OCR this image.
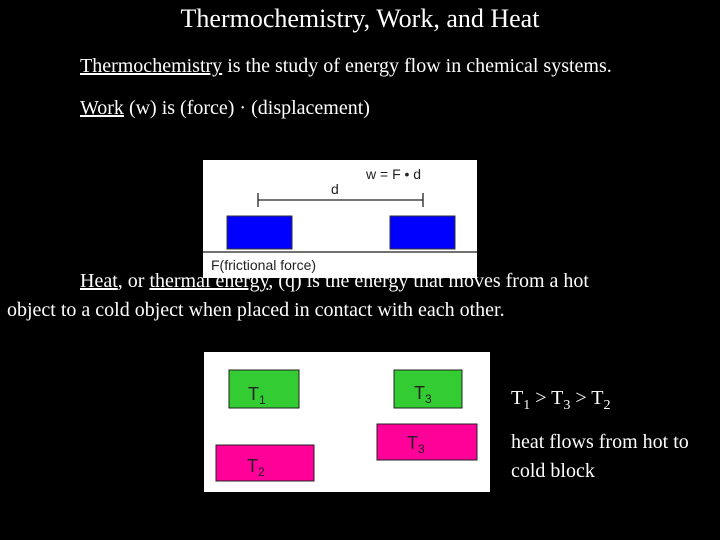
Thermochemistry, Work, and Heat
Thermochemistry is the study of energy flow in chemical systems.
Work (w) is (force) · (displacement)
w = F • d
d
F(frictional force)
Heat, or thermal energy, (q) is the energy that moves from a hot
object to a cold object when placed in contact with each other.
$T_1$	$T_3$
$T_3$
$T_2$
$T_1 > T_3 > T_2$
heat flows from hot to cold block
